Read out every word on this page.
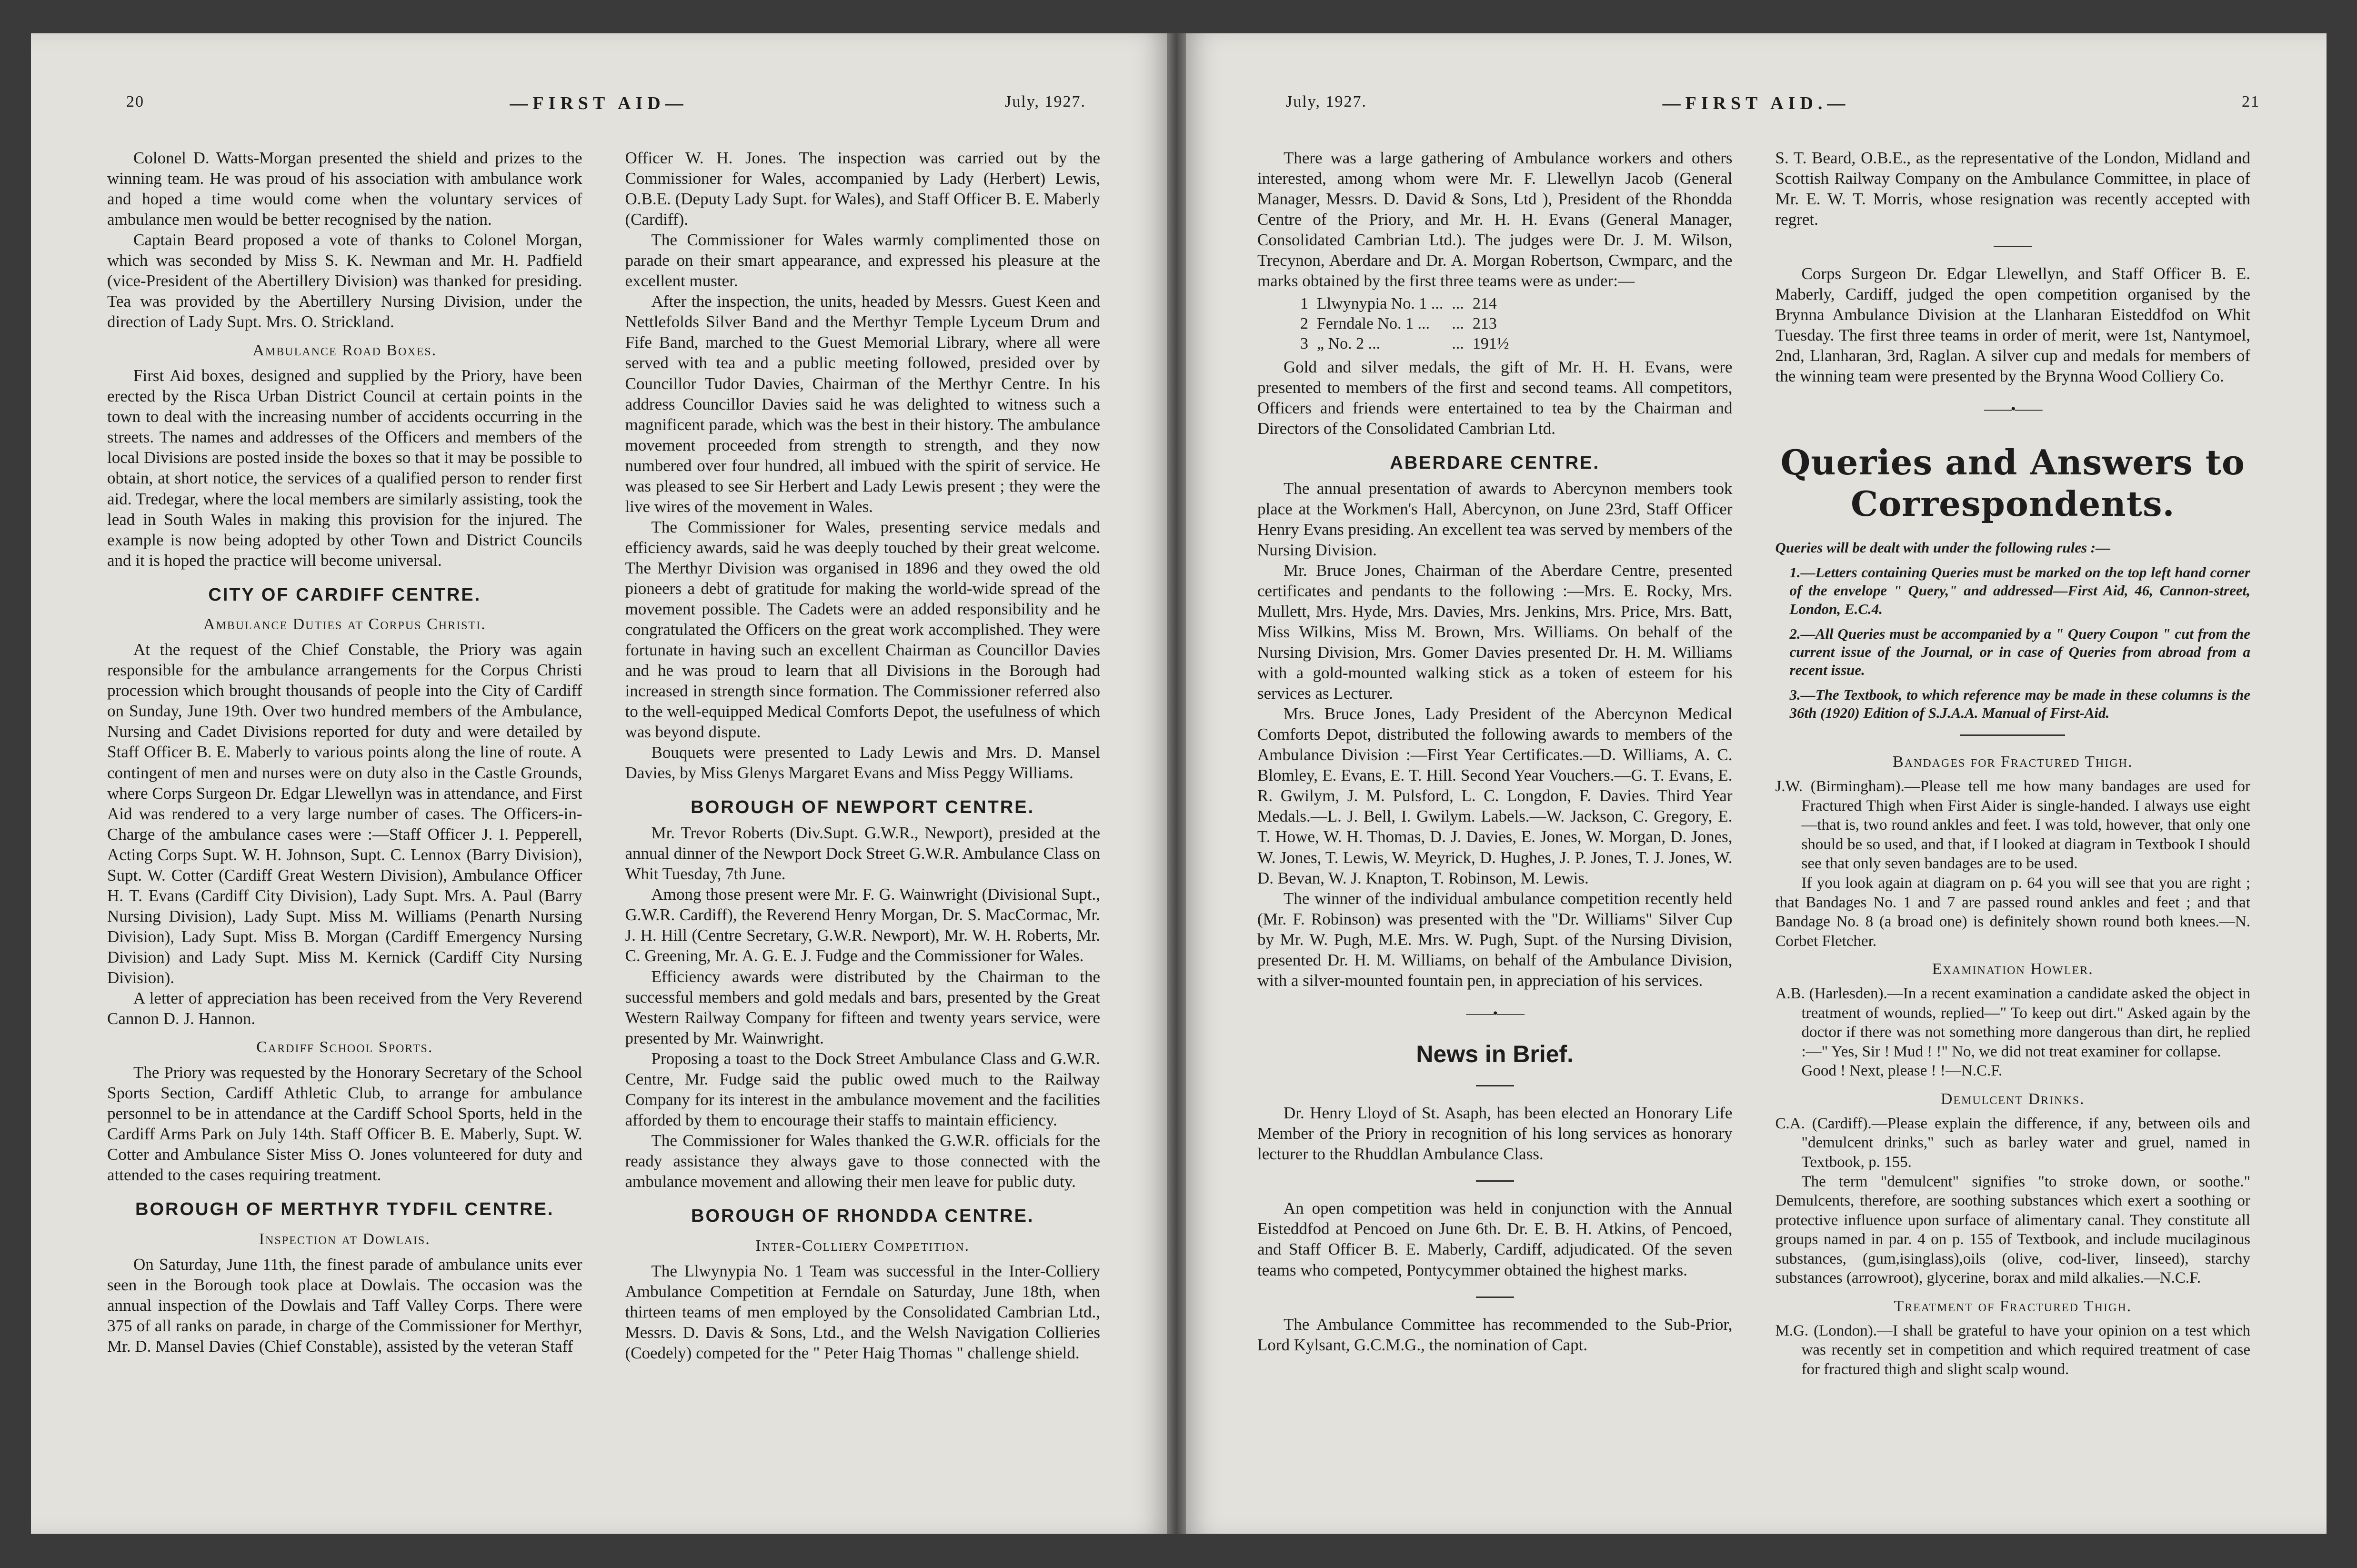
20	—FIRST AID—	July, 1927.

Colonel D. Watts-Morgan presented the shield and prizes to the winning team. He was proud of his association with ambulance work and hoped a time would come when the voluntary services of ambulance men would be better recognised by the nation.

Captain Beard proposed a vote of thanks to Colonel Morgan, which was seconded by Miss S. K. Newman and Mr. H. Padfield (vice-President of the Abertillery Division) was thanked for presiding. Tea was provided by the Abertillery Nursing Division, under the direction of Lady Supt. Mrs. O. Strickland.

Ambulance Road Boxes.

First Aid boxes, designed and supplied by the Priory, have been erected by the Risca Urban District Council at certain points in the town to deal with the increasing number of accidents occurring in the streets. The names and addresses of the Officers and members of the local Divisions are posted inside the boxes so that it may be possible to obtain, at short notice, the services of a qualified person to render first aid. Tredegar, where the local members are similarly assisting, took the lead in South Wales in making this provision for the injured. The example is now being adopted by other Town and District Councils and it is hoped the practice will become universal.

CITY OF CARDIFF CENTRE.
Ambulance Duties at Corpus Christi.

At the request of the Chief Constable, the Priory was again responsible for the ambulance arrangements for the Corpus Christi procession which brought thousands of people into the City of Cardiff on Sunday, June 19th. Over two hundred members of the Ambulance, Nursing and Cadet Divisions reported for duty and were detailed by Staff Officer B. E. Maberly to various points along the line of route. A contingent of men and nurses were on duty also in the Castle Grounds, where Corps Surgeon Dr. Edgar Llewellyn was in attendance, and First Aid was rendered to a very large number of cases. The Officers-in-Charge of the ambulance cases were :—Staff Officer J. I. Pepperell, Acting Corps Supt. W. H. Johnson, Supt. C. Lennox (Barry Division), Supt. W. Cotter (Cardiff Great Western Division), Ambulance Officer H. T. Evans (Cardiff City Division), Lady Supt. Mrs. A. Paul (Barry Nursing Division), Lady Supt. Miss M. Williams (Penarth Nursing Division), Lady Supt. Miss B. Morgan (Cardiff Emergency Nursing Division) and Lady Supt. Miss M. Kernick (Cardiff City Nursing Division).

A letter of appreciation has been received from the Very Reverend Cannon D. J. Hannon.

Cardiff School Sports.

The Priory was requested by the Honorary Secretary of the School Sports Section, Cardiff Athletic Club, to arrange for ambulance personnel to be in attendance at the Cardiff School Sports, held in the Cardiff Arms Park on July 14th. Staff Officer B. E. Maberly, Supt. W. Cotter and Ambulance Sister Miss O. Jones volunteered for duty and attended to the cases requiring treatment.

BOROUGH OF MERTHYR TYDFIL CENTRE.
Inspection at Dowlais.

On Saturday, June 11th, the finest parade of ambulance units ever seen in the Borough took place at Dowlais. The occasion was the annual inspection of the Dowlais and Taff Valley Corps. There were 375 of all ranks on parade, in charge of the Commissioner for Merthyr, Mr. D. Mansel Davies (Chief Constable), assisted by the veteran Staff

Officer W. H. Jones. The inspection was carried out by the Commissioner for Wales, accompanied by Lady (Herbert) Lewis, O.B.E. (Deputy Lady Supt. for Wales), and Staff Officer B. E. Maberly (Cardiff).

The Commissioner for Wales warmly complimented those on parade on their smart appearance, and expressed his pleasure at the excellent muster.

After the inspection, the units, headed by Messrs. Guest Keen and Nettlefolds Silver Band and the Merthyr Temple Lyceum Drum and Fife Band, marched to the Guest Memorial Library, where all were served with tea and a public meeting followed, presided over by Councillor Tudor Davies, Chairman of the Merthyr Centre. In his address Councillor Davies said he was delighted to witness such a magnificent parade, which was the best in their history. The ambulance movement proceeded from strength to strength, and they now numbered over four hundred, all imbued with the spirit of service. He was pleased to see Sir Herbert and Lady Lewis present ; they were the live wires of the movement in Wales.

The Commissioner for Wales, presenting service medals and efficiency awards, said he was deeply touched by their great welcome. The Merthyr Division was organised in 1896 and they owed the old pioneers a debt of gratitude for making the world-wide spread of the movement possible. The Cadets were an added responsibility and he congratulated the Officers on the great work accomplished. They were fortunate in having such an excellent Chairman as Councillor Davies and he was proud to learn that all Divisions in the Borough had increased in strength since formation. The Commissioner referred also to the well-equipped Medical Comforts Depot, the usefulness of which was beyond dispute.

Bouquets were presented to Lady Lewis and Mrs. D. Mansel Davies, by Miss Glenys Margaret Evans and Miss Peggy Williams.

BOROUGH OF NEWPORT CENTRE.

Mr. Trevor Roberts (Div.Supt. G.W.R., Newport), presided at the annual dinner of the Newport Dock Street G.W.R. Ambulance Class on Whit Tuesday, 7th June.

Among those present were Mr. F. G. Wainwright (Divisional Supt., G.W.R. Cardiff), the Reverend Henry Morgan, Dr. S. MacCormac, Mr. J. H. Hill (Centre Secretary, G.W.R. Newport), Mr. W. H. Roberts, Mr. C. Greening, Mr. A. G. E. J. Fudge and the Commissioner for Wales.

Efficiency awards were distributed by the Chairman to the successful members and gold medals and bars, presented by the Great Western Railway Company for fifteen and twenty years service, were presented by Mr. Wainwright.

Proposing a toast to the Dock Street Ambulance Class and G.W.R. Centre, Mr. Fudge said the public owed much to the Railway Company for its interest in the ambulance movement and the facilities afforded by them to encourage their staffs to maintain efficiency.

The Commissioner for Wales thanked the G.W.R. officials for the ready assistance they always gave to those connected with the ambulance movement and allowing their men leave for public duty.

BOROUGH OF RHONDDA CENTRE.
Inter-Colliery Competition.

The Llwynypia No. 1 Team was successful in the Inter-Colliery Ambulance Competition at Ferndale on Saturday, June 18th, when thirteen teams of men employed by the Consolidated Cambrian Ltd., Messrs. D. Davis & Sons, Ltd., and the Welsh Navigation Collieries (Coedely) competed for the " Peter Haig Thomas " challenge shield.

July, 1927.	—FIRST AID.—	21

There was a large gathering of Ambulance workers and others interested, among whom were Mr. F. Llewellyn Jacob (General Manager, Messrs. D. David & Sons, Ltd ), President of the Rhondda Centre of the Priory, and Mr. H. H. Evans (General Manager, Consolidated Cambrian Ltd.). The judges were Dr. J. M. Wilson, Trecynon, Aberdare and Dr. A. Morgan Robertson, Cwmparc, and the marks obtained by the first three teams were as under:—

1	Llwynypia No. 1 ...	...	214
2	Ferndale No. 1 ...	...	213
3	„ No. 2 ...	...	191½

Gold and silver medals, the gift of Mr. H. H. Evans, were presented to members of the first and second teams. All competitors, Officers and friends were entertained to tea by the Chairman and Directors of the Consolidated Cambrian Ltd.

ABERDARE CENTRE.

The annual presentation of awards to Abercynon members took place at the Workmen's Hall, Abercynon, on June 23rd, Staff Officer Henry Evans presiding. An excellent tea was served by members of the Nursing Division.

Mr. Bruce Jones, Chairman of the Aberdare Centre, presented certificates and pendants to the following :—Mrs. E. Rocky, Mrs. Mullett, Mrs. Hyde, Mrs. Davies, Mrs. Jenkins, Mrs. Price, Mrs. Batt, Miss Wilkins, Miss M. Brown, Mrs. Williams. On behalf of the Nursing Division, Mrs. Gomer Davies presented Dr. H. M. Williams with a gold-mounted walking stick as a token of esteem for his services as Lecturer.

Mrs. Bruce Jones, Lady President of the Abercynon Medical Comforts Depot, distributed the following awards to members of the Ambulance Division :—First Year Certificates.—D. Williams, A. C. Blomley, E. Evans, E. T. Hill. Second Year Vouchers.—G. T. Evans, E. R. Gwilym, J. M. Pulsford, L. C. Longdon, F. Davies. Third Year Medals.—L. J. Bell, I. Gwilym. Labels.—W. Jackson, C. Gregory, E. T. Howe, W. H. Thomas, D. J. Davies, E. Jones, W. Morgan, D. Jones, W. Jones, T. Lewis, W. Meyrick, D. Hughes, J. P. Jones, T. J. Jones, W. D. Bevan, W. J. Knapton, T. Robinson, M. Lewis.

The winner of the individual ambulance competition recently held (Mr. F. Robinson) was presented with the "Dr. Williams" Silver Cup by Mr. W. Pugh, M.E. Mrs. W. Pugh, Supt. of the Nursing Division, presented Dr. H. M. Williams, on behalf of the Ambulance Division, with a silver-mounted fountain pen, in appreciation of his services.

——•——
News in Brief.

Dr. Henry Lloyd of St. Asaph, has been elected an Honorary Life Member of the Priory in recognition of his long services as honorary lecturer to the Rhuddlan Ambulance Class.

An open competition was held in conjunction with the Annual Eisteddfod at Pencoed on June 6th. Dr. E. B. H. Atkins, of Pencoed, and Staff Officer B. E. Maberly, Cardiff, adjudicated. Of the seven teams who competed, Pontycymmer obtained the highest marks.

The Ambulance Committee has recommended to the Sub-Prior, Lord Kylsant, G.C.M.G., the nomination of Capt.

S. T. Beard, O.B.E., as the representative of the London, Midland and Scottish Railway Company on the Ambulance Committee, in place of Mr. E. W. T. Morris, whose resignation was recently accepted with regret.

Corps Surgeon Dr. Edgar Llewellyn, and Staff Officer B. E. Maberly, Cardiff, judged the open competition organised by the Brynna Ambulance Division at the Llanharan Eisteddfod on Whit Tuesday. The first three teams in order of merit, were 1st, Nantymoel, 2nd, Llanharan, 3rd, Raglan. A silver cup and medals for members of the winning team were presented by the Brynna Wood Colliery Co.

——•——
Queries and Answers to Correspondents.

Queries will be dealt with under the following rules :—

1.—Letters containing Queries must be marked on the top left hand corner of the envelope " Query," and addressed—First Aid, 46, Cannon-street, London, E.C.4.

2.—All Queries must be accompanied by a " Query Coupon " cut from the current issue of the Journal, or in case of Queries from abroad from a recent issue.

3.—The Textbook, to which reference may be made in these columns is the 36th (1920) Edition of S.J.A.A. Manual of First-Aid.

Bandages for Fractured Thigh.

J.W. (Birmingham).—Please tell me how many bandages are used for Fractured Thigh when First Aider is single-handed. I always use eight—that is, two round ankles and feet. I was told, however, that only one should be so used, and that, if I looked at diagram in Textbook I should see that only seven bandages are to be used.

If you look again at diagram on p. 64 you will see that you are right ; that Bandages No. 1 and 7 are passed round ankles and feet ; and that Bandage No. 8 (a broad one) is definitely shown round both knees.—N. Corbet Fletcher.

Examination Howler.

A.B. (Harlesden).—In a recent examination a candidate asked the object in treatment of wounds, replied—" To keep out dirt." Asked again by the doctor if there was not something more dangerous than dirt, he replied :—" Yes, Sir ! Mud ! !" No, we did not treat examiner for collapse.

Good ! Next, please ! !—N.C.F.

Demulcent Drinks.

C.A. (Cardiff).—Please explain the difference, if any, between oils and "demulcent drinks," such as barley water and gruel, named in Textbook, p. 155.

The term "demulcent" signifies "to stroke down, or soothe." Demulcents, therefore, are soothing substances which exert a soothing or protective influence upon surface of alimentary canal. They constitute all groups named in par. 4 on p. 155 of Textbook, and include mucilaginous substances, (gum,isinglass),oils (olive, cod-liver, linseed), starchy substances (arrowroot), glycerine, borax and mild alkalies.—N.C.F.

Treatment of Fractured Thigh.

M.G. (London).—I shall be grateful to have your opinion on a test which was recently set in competition and which required treatment of case for fractured thigh and slight scalp wound.
